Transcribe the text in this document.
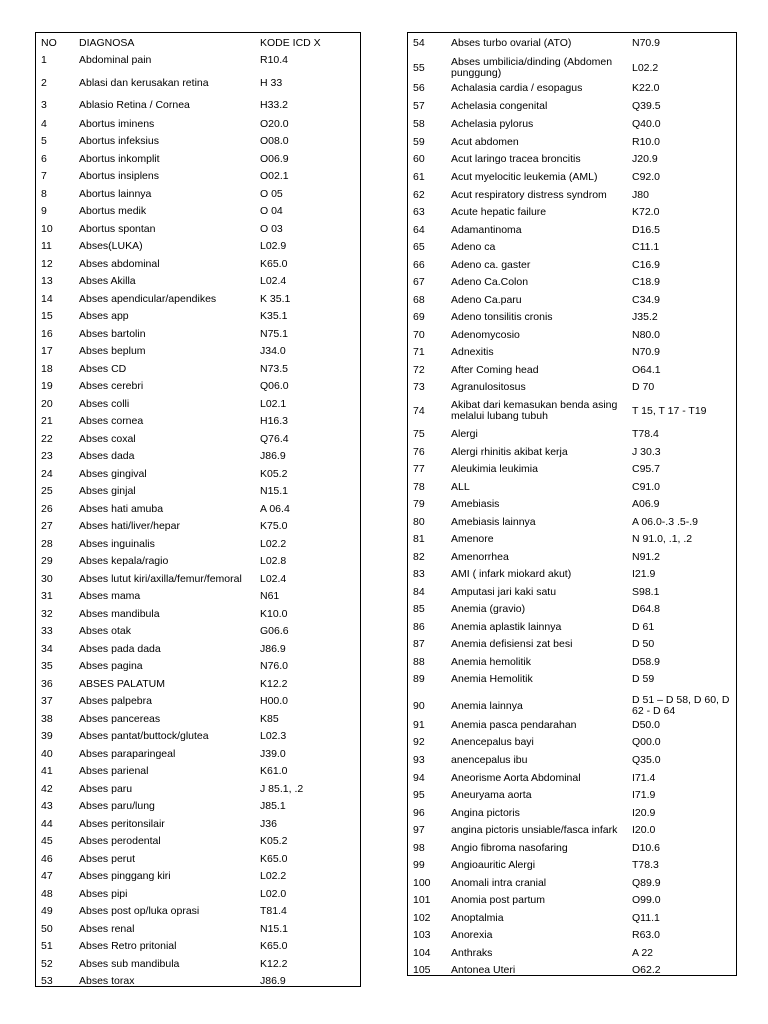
NO DIAGNOSA	KODE ICD X
1	Abdominal pain	R10.4
2	Ablasi dan kerusakan retina	H 33
3	Ablasio Retina / Cornea	H33.2
4	Abortus iminens	O20.0
5	Abortus infeksius	O08.0
6	Abortus inkomplit	O06.9
7	Abortus insiplens	O02.1
8	Abortus lainnya	O 05
9	Abortus medik	O 04
10	Abortus spontan	O 03
11	Abses(LUKA)	L02.9
12	Abses abdominal	K65.0
13	Abses Akilla	L02.4
14	Abses apendicular/apendikes	K 35.1
15	Abses app	K35.1
16	Abses bartolin	N75.1
17	Abses beplum	J34.0
18	Abses CD	N73.5
19	Abses cerebri	Q06.0
20	Abses colli	L02.1
21	Abses cornea	H16.3
22	Abses coxal	Q76.4
23	Abses dada	J86.9
24	Abses gingival	K05.2
25	Abses ginjal	N15.1
26	Abses hati amuba	A 06.4
27	Abses hati/liver/hepar	K75.0
28	Abses inguinalis	L02.2
29	Abses kepala/ragio	L02.8
30	Abses lutut kiri/axilla/femur/femoral	L02.4
31	Abses mama	N61
32	Abses mandibula	K10.0
33	Abses otak	G06.6
34	Abses pada dada	J86.9
35	Abses pagina	N76.0
36	ABSES PALATUM	K12.2
37	Abses palpebra	H00.0
38	Abses pancereas	K85
39	Abses pantat/buttock/glutea	L02.3
40	Abses paraparingeal	J39.0
41	Abses parienal	K61.0
42	Abses paru	J 85.1, .2
43	Abses paru/lung	J85.1
44	Abses peritonsilair	J36
45	Abses perodental	K05.2
46	Abses perut	K65.0
47	Abses pinggang kiri	L02.2
48	Abses pipi	L02.0
49	Abses post op/luka oprasi	T81.4
50	Abses renal	N15.1
51	Abses Retro pritonial	K65.0
52	Abses sub mandibula	K12.2
53	Abses torax	J86.9
54	Abses turbo ovarial (ATO)	N70.9
55	Abses umbilicia/dinding (Abdomen punggung)	L02.2
56	Achalasia cardia / esopagus	K22.0
57	Achelasia congenital	Q39.5
58	Achelasia pylorus	Q40.0
59	Acut abdomen	R10.0
60	Acut laringo tracea broncitis	J20.9
61	Acut myelocitic leukemia (AML)	C92.0
62	Acut respiratory distress syndrom	J80
63	Acute hepatic failure	K72.0
64	Adamantinoma	D16.5
65	Adeno ca	C11.1
66	Adeno ca. gaster	C16.9
67	Adeno Ca.Colon	C18.9
68	Adeno Ca.paru	C34.9
69	Adeno tonsilitis cronis	J35.2
70	Adenomycosio	N80.0
71	Adnexitis	N70.9
72	After Coming head	O64.1
73	Agranulositosus	D 70
74	Akibat dari kemasukan benda asing melalui lubang tubuh	T 15, T 17 - T19
75	Alergi	T78.4
76	Alergi rhinitis akibat kerja	J 30.3
77	Aleukimia leukimia	C95.7
78	ALL	C91.0
79	Amebiasis	A06.9
80	Amebiasis lainnya	A 06.0-.3 .5-.9
81	Amenore	N 91.0, .1, .2
82	Amenorrhea	N91.2
83	AMI ( infark miokard akut)	I21.9
84	Amputasi jari kaki satu	S98.1
85	Anemia (gravio)	D64.8
86	Anemia aplastik lainnya	D 61
87	Anemia defisiensi zat besi	D 50
88	Anemia hemolitik	D58.9
89	Anemia Hemolitik	D 59
90	Anemia lainnya	D 51 – D 58, D 60, D 62 - D 64
91	Anemia pasca pendarahan	D50.0
92	Anencepalus bayi	Q00.0
93	anencepalus ibu	Q35.0
94	Aneorisme Aorta Abdominal	I71.4
95	Aneuryama aorta	I71.9
96	Angina pictoris	I20.9
97	angina pictoris unsiable/fasca infark	I20.0
98	Angio fibroma nasofaring	D10.6
99	Angioauritic Alergi	T78.3
100 Anomali intra cranial	Q89.9
101 Anomia post partum	O99.0
102 Anoptalmia	Q11.1
103 Anorexia	R63.0
104 Anthraks	A 22
105 Antonea Uteri	O62.2
